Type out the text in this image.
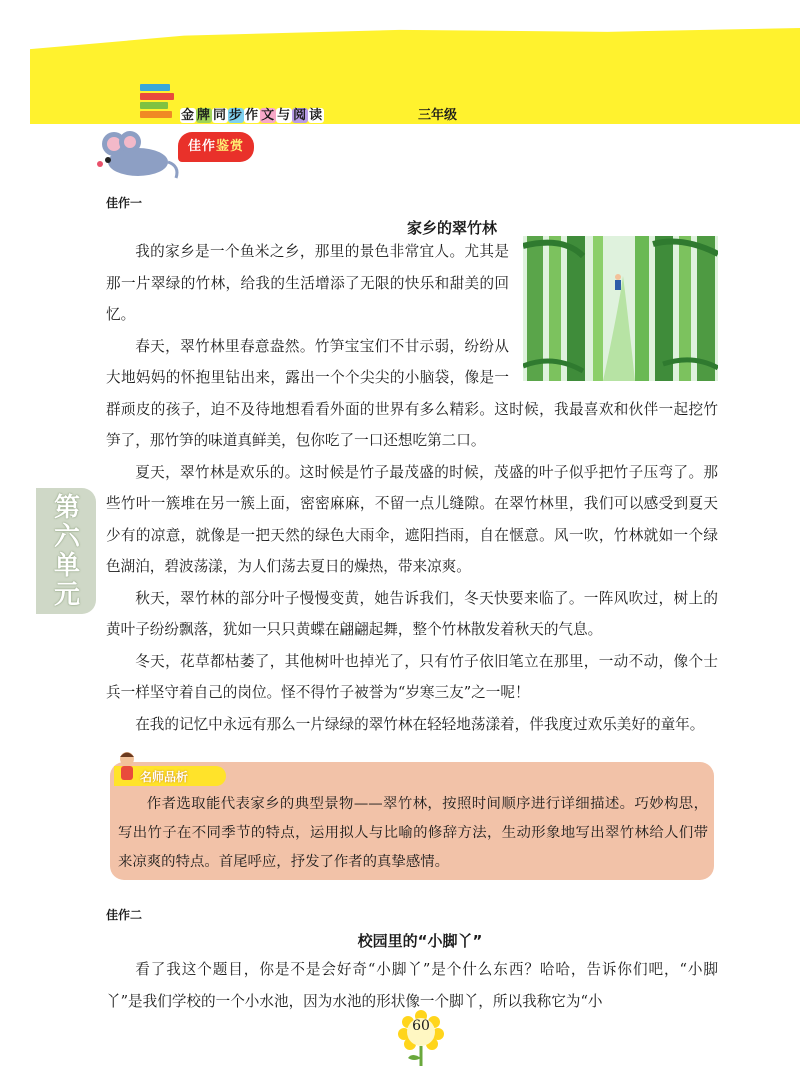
金 牌 同 步 作 文 与 阅 读	三年级
佳作鉴赏
第六单元
佳作一
家乡的翠竹林

我的家乡是一个鱼米之乡，那里的景色非常宜人。尤其是那一片翠绿的竹林，给我的生活增添了无限的快乐和甜美的回忆。

春天，翠竹林里春意盎然。竹笋宝宝们不甘示弱，纷纷从大地妈妈的怀抱里钻出来，露出一个个尖尖的小脑袋，像是一群顽皮的孩子，迫不及待地想看看外面的世界有多么精彩。这时候，我最喜欢和伙伴一起挖竹笋了，那竹笋的味道真鲜美，包你吃了一口还想吃第二口。

夏天，翠竹林是欢乐的。这时候是竹子最茂盛的时候，茂盛的叶子似乎把竹子压弯了。那些竹叶一簇堆在另一簇上面，密密麻麻，不留一点儿缝隙。在翠竹林里，我们可以感受到夏天少有的凉意，就像是一把天然的绿色大雨伞，遮阳挡雨，自在惬意。风一吹，竹林就如一个绿色湖泊，碧波荡漾，为人们荡去夏日的燥热，带来凉爽。

秋天，翠竹林的部分叶子慢慢变黄，她告诉我们，冬天快要来临了。一阵风吹过，树上的黄叶子纷纷飘落，犹如一只只黄蝶在翩翩起舞，整个竹林散发着秋天的气息。

冬天，花草都枯萎了，其他树叶也掉光了，只有竹子依旧笔立在那里，一动不动，像个士兵一样坚守着自己的岗位。怪不得竹子被誉为“岁寒三友”之一呢！

在我的记忆中永远有那么一片绿绿的翠竹林在轻轻地荡漾着，伴我度过欢乐美好的童年。

名师品析

作者选取能代表家乡的典型景物——翠竹林，按照时间顺序进行详细描述。巧妙构思，写出竹子在不同季节的特点，运用拟人与比喻的修辞方法，生动形象地写出翠竹林给人们带来凉爽的特点。首尾呼应，抒发了作者的真挚感情。

佳作二
校园里的“小脚丫”

看了我这个题目，你是不是会好奇“小脚丫”是个什么东西？哈哈，告诉你们吧，“小脚丫”是我们学校的一个小水池，因为水池的形状像一个脚丫，所以我称它为“小

60
